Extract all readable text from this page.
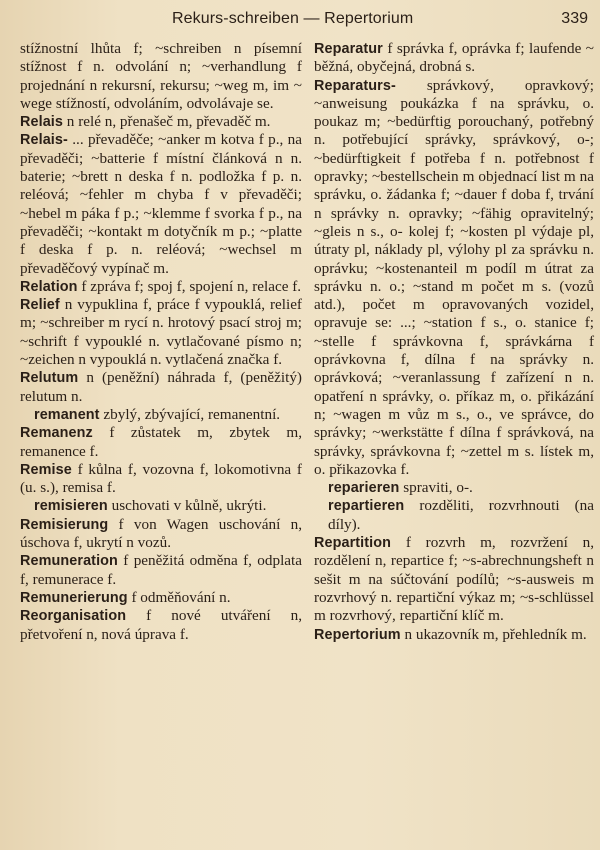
Rekurs-schreiben — Repertorium	339

stížnostní lhůta f; ~schreiben n písemní stížnost f n. odvolání n; ~verhandlung f projednání n rekursní, rekursu; ~weg m, im ~ wege stížností, odvoláním, odvolávaje se.

Relais n relé n, přenašeč m, převaděč m.

Relais- ... převaděče; ~anker m kotva f p., na převaděči; ~batterie f místní článková n n. baterie; ~brett n deska f n. podložka f p. n. reléová; ~fehler m chyba f v převaděči; ~hebel m páka f p.; ~klemme f svorka f p., na převaděči; ~kontakt m dotyčník m p.; ~platte f deska f p. n. reléová; ~wechsel m převaděčový vypínač m.

Relation f zpráva f; spoj f, spojení n, relace f.

Relief n vypuklina f, práce f vypouklá, relief m; ~schreiber m rycí n. hrotový psací stroj m; ~schrift f vypouklé n. vytlačované písmo n; ~zeichen n vypouklá n. vytlačená značka f.

Relutum n (peněžní) náhrada f, (peněžitý) relutum n.

remanent zbylý, zbývající, remanentní.

Remanenz f zůstatek m, zbytek m, remanence f.

Remise f kůlna f, vozovna f, lokomotivna f (u. s.), remisa f.

remisieren uschovati v kůlně, ukrýti.

Remisierung f von Wagen uschování n, úschova f, ukrytí n vozů.

Remuneration f peněžitá odměna f, odplata f, remunerace f.

Remunerierung f odměňování n.

Reorganisation f nové utváření n, přetvoření n, nová úprava f.

Reparatur f správka f, oprávka f; laufende ~ běžná, obyčejná, drobná s.

Reparaturs- správkový, opravkový; ~anweisung poukázka f na správku, o. poukaz m; ~bedürftig porouchaný, potřebný n. potřebující správky, správkový, o-; ~bedürftigkeit f potřeba f n. potřebnost f opravky; ~bestellschein m objednací list m na správku, o. žádanka f; ~dauer f doba f, trvání n správky n. opravky; ~fähig opravitelný; ~gleis n s., o- kolej f; ~kosten pl výdaje pl, útraty pl, náklady pl, výlohy pl za správku n. oprávku; ~kostenanteil m podíl m útrat za správku n. o.; ~stand m počet m s. (vozů atd.), počet m opravovaných vozidel, opravuje se: ...; ~station f s., o. stanice f; ~stelle f správkovna f, správkárna f oprávkovna f, dílna f na správky n. oprávková; ~veranlassung f zařízení n n. opatření n správky, o. příkaz m, o. přikázání n; ~wagen m vůz m s., o., ve správce, do správky; ~werkstätte f dílna f správková, na správky, správkovna f; ~zettel m s. lístek m, o. přikazovka f.

reparieren spraviti, o-.

repartieren rozděliti, rozvrhnouti (na díly).

Repartition f rozvrh m, rozvržení n, rozdělení n, repartice f; ~s-abrechnungsheft n sešit m na súčtování podílů; ~s-ausweis m rozvrhový n. repartiční výkaz m; ~s-schlüssel m rozvrhový, repartiční klíč m.

Repertorium n ukazovník m, přehledník m.
